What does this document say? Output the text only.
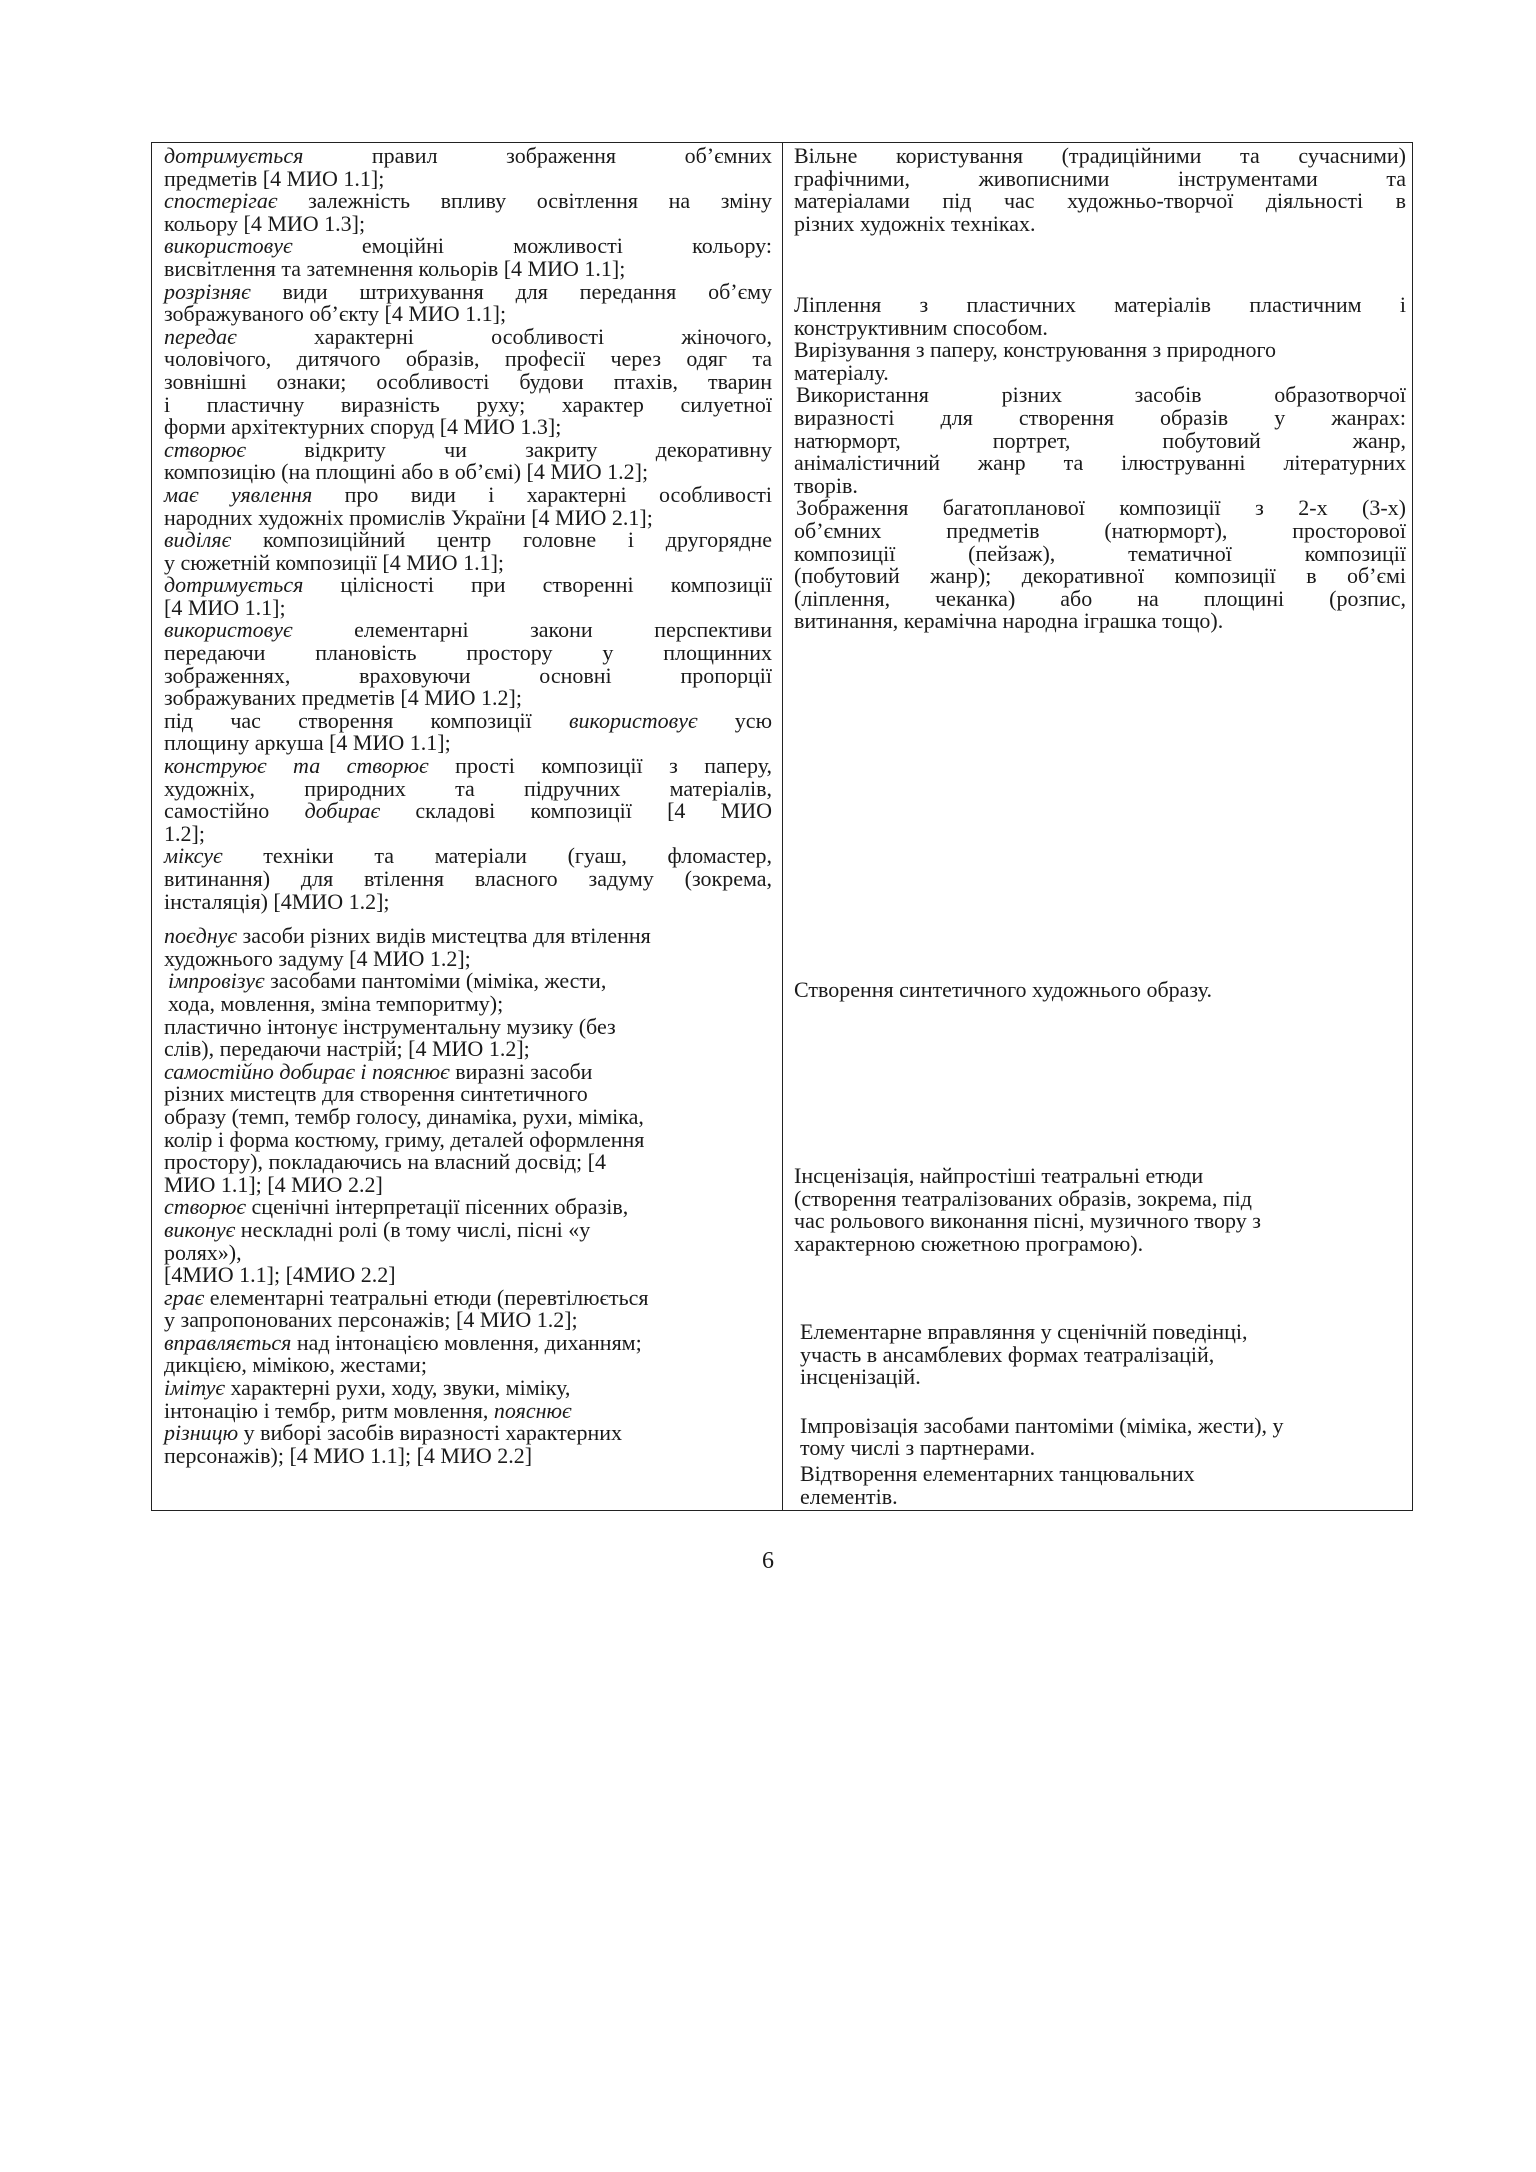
дотримується правил зображення об’ємних

предметів [4 МИО 1.1];

спостерігає залежність впливу освітлення на зміну

кольору [4 МИО 1.3];

використовує емоційні можливості кольору:

висвітлення та затемнення кольорів [4 МИО 1.1];

розрізняє види штрихування для передання об’єму

зображуваного об’єкту [4 МИО 1.1];

передає характерні особливості жіночого,

чоловічого, дитячого образів, професії через одяг та

зовнішні ознаки; особливості будови птахів, тварин

і пластичну виразність руху; характер силуетної

форми архітектурних споруд [4 МИО 1.3];

створює відкриту чи закриту декоративну

композицію (на площині або в об’ємі) [4 МИО 1.2];

має уявлення про види і характерні особливості

народних художніх промислів України [4 МИО 2.1];

виділяє композиційний центр головне і другорядне

у сюжетній композиції [4 МИО 1.1];

дотримується цілісності при створенні композиції

[4 МИО 1.1];

використовує елементарні закони перспективи

передаючи плановість простору у площинних

зображеннях, враховуючи основні пропорції

зображуваних предметів [4 МИО 1.2];

під час створення композиції використовує усю

площину аркуша [4 МИО 1.1];

конструює та створює прості композиції з паперу,

художніх, природних та підручних матеріалів,

самостійно добирає складові композиції [4 МИО

1.2];

міксує техніки та матеріали (гуаш, фломастер,

витинання) для втілення власного задуму (зокрема,

інсталяція) [4МИО 1.2];

поєднує засоби різних видів мистецтва для втілення

художнього задуму [4 МИО 1.2];

імпровізує засобами пантоміми (міміка, жести,

хода, мовлення, зміна темпоритму);

пластично інтонує інструментальну музику (без

слів), передаючи настрій; [4 МИО 1.2];

самостійно добирає і пояснює виразні засоби

різних мистецтв для створення синтетичного

образу (темп, тембр голосу, динаміка, рухи, міміка,

колір і форма костюму, гриму, деталей оформлення

простору), покладаючись на власний досвід; [4

МИО 1.1]; [4 МИО 2.2]

створює сценічні інтерпретації пісенних образів,

виконує нескладні ролі (в тому числі, пісні «у

ролях»),

[4МИО 1.1]; [4МИО 2.2]

грає елементарні театральні етюди (перевтілюється

у запропонованих персонажів; [4 МИО 1.2];

вправляється над інтонацією мовлення, диханням;

дикцією, мімікою, жестами;

імітує характерні рухи, ходу, звуки, міміку,

інтонацію і тембр, ритм мовлення, пояснює

різницю у виборі засобів виразності характерних

персонажів); [4 МИО 1.1]; [4 МИО 2.2]

Вільне користування (традиційними та сучасними)

графічними, живописними інструментами та

матеріалами під час художньо-творчої діяльності в

різних художніх техніках.

Ліплення з пластичних матеріалів пластичним і

конструктивним способом.

Вирізування з паперу, конструювання з природного

матеріалу.

Використання різних засобів образотворчої

виразності для створення образів у жанрах:

натюрморт, портрет, побутовий жанр,

анімалістичний жанр та ілюструванні літературних

творів.

Зображення багатопланової композиції з 2-х (3-х)

об’ємних предметів (натюрморт), просторової

композиції (пейзаж), тематичної композиції

(побутовий жанр); декоративної композиції в об’ємі

(ліплення, чеканка) або на площині (розпис,

витинання, керамічна народна іграшка тощо).

Створення синтетичного художнього образу.

Інсценізація, найпростіші театральні етюди

(створення театралізованих образів, зокрема, під

час рольового виконання пісні, музичного твору з

характерною сюжетною програмою).

Елементарне вправляння у сценічній поведінці,

участь в ансамблевих формах театралізацій,

інсценізацій.

Імпровізація засобами пантоміми (міміка, жести), у

тому числі з партнерами.

Відтворення елементарних танцювальних

елементів.

6
